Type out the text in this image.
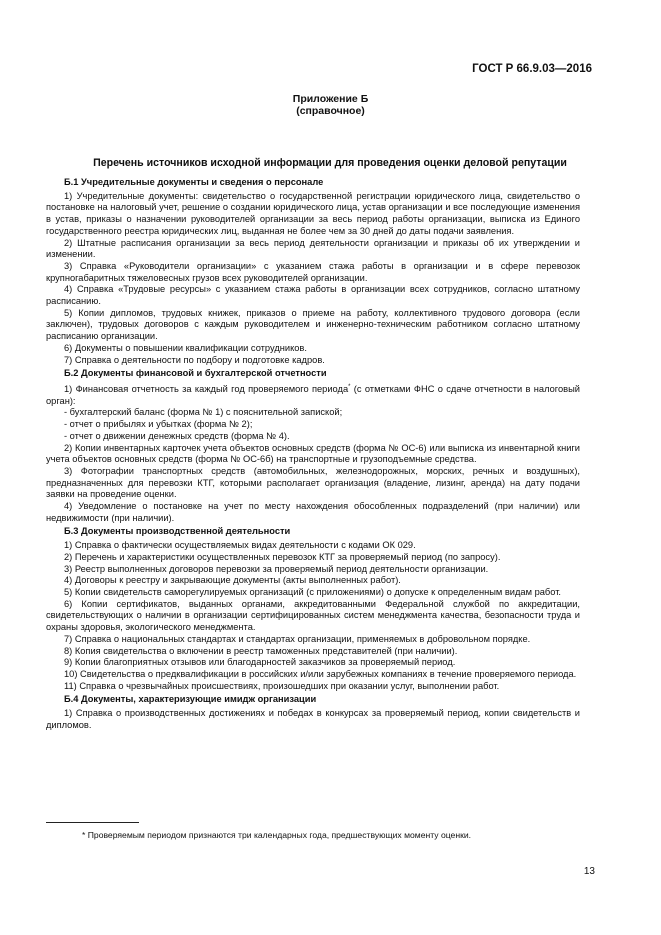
ГОСТ Р 66.9.03—2016
Приложение Б
(справочное)
Перечень источников исходной информации для проведения оценки деловой репутации
Б.1 Учредительные документы и сведения о персонале

1) Учредительные документы: свидетельство о государственной регистрации юридического лица, свидетельство о постановке на налоговый учет, решение о создании юридического лица, устав организации и все последующие изменения в устав, приказы о назначении руководителей организации за весь период работы организации, выписка из Единого государственного реестра юридических лиц, выданная не более чем за 30 дней до даты подачи заявления.

2) Штатные расписания организации за весь период деятельности организации и приказы об их утверждении и изменении.

3) Справка «Руководители организации» с указанием стажа работы в организации и в сфере перевозок крупногабаритных тяжеловесных грузов всех руководителей организации.

4) Справка «Трудовые ресурсы» с указанием стажа работы в организации всех сотрудников, согласно штатному расписанию.

5) Копии дипломов, трудовых книжек, приказов о приеме на работу, коллективного трудового договора (если заключен), трудовых договоров с каждым руководителем и инженерно-техническим работником согласно штатному расписанию организации.

6) Документы о повышении квалификации сотрудников.

7) Справка о деятельности по подбору и подготовке кадров.

Б.2 Документы финансовой и бухгалтерской отчетности

1) Финансовая отчетность за каждый год проверяемого периода* (с отметками ФНС о сдаче отчетности в налоговый орган):

- бухгалтерский баланс (форма № 1) с пояснительной запиской;

- отчет о прибылях и убытках (форма № 2);

- отчет о движении денежных средств (форма № 4).

2) Копии инвентарных карточек учета объектов основных средств (форма № ОС-6) или выписка из инвентарной книги учета объектов основных средств (форма № ОС-6б) на транспортные и грузоподъемные средства.

3) Фотографии транспортных средств (автомобильных, железнодорожных, морских, речных и воздушных), предназначенных для перевозки КТГ, которыми располагает организация (владение, лизинг, аренда) на дату подачи заявки на проведение оценки.

4) Уведомление о постановке на учет по месту нахождения обособленных подразделений (при наличии) или недвижимости (при наличии).

Б.3 Документы производственной деятельности

1) Справка о фактически осуществляемых видах деятельности с кодами ОК 029.

2) Перечень и характеристики осуществленных перевозок КТГ за проверяемый период (по запросу).

3) Реестр выполненных договоров перевозки за проверяемый период деятельности организации.

4) Договоры к реестру и закрывающие документы (акты выполненных работ).

5) Копии свидетельств саморегулируемых организаций (с приложениями) о допуске к определенным видам работ.

6) Копии сертификатов, выданных органами, аккредитованными Федеральной службой по аккредитации, свидетельствующих о наличии в организации сертифицированных систем менеджмента качества, безопасности труда и охраны здоровья, экологического менеджмента.

7) Справка о национальных стандартах и стандартах организации, применяемых в добровольном порядке.

8) Копия свидетельства о включении в реестр таможенных представителей (при наличии).

9) Копии благоприятных отзывов или благодарностей заказчиков за проверяемый период.

10) Свидетельства о предквалификации в российских и/или зарубежных компаниях в течение проверяемого периода.

11) Справка о чрезвычайных происшествиях, произошедших при оказании услуг, выполнении работ.

Б.4 Документы, характеризующие имидж организации

1) Справка о производственных достижениях и победах в конкурсах за проверяемый период, копии свидетельств и дипломов.

* Проверяемым периодом признаются три календарных года, предшествующих моменту оценки.
13
